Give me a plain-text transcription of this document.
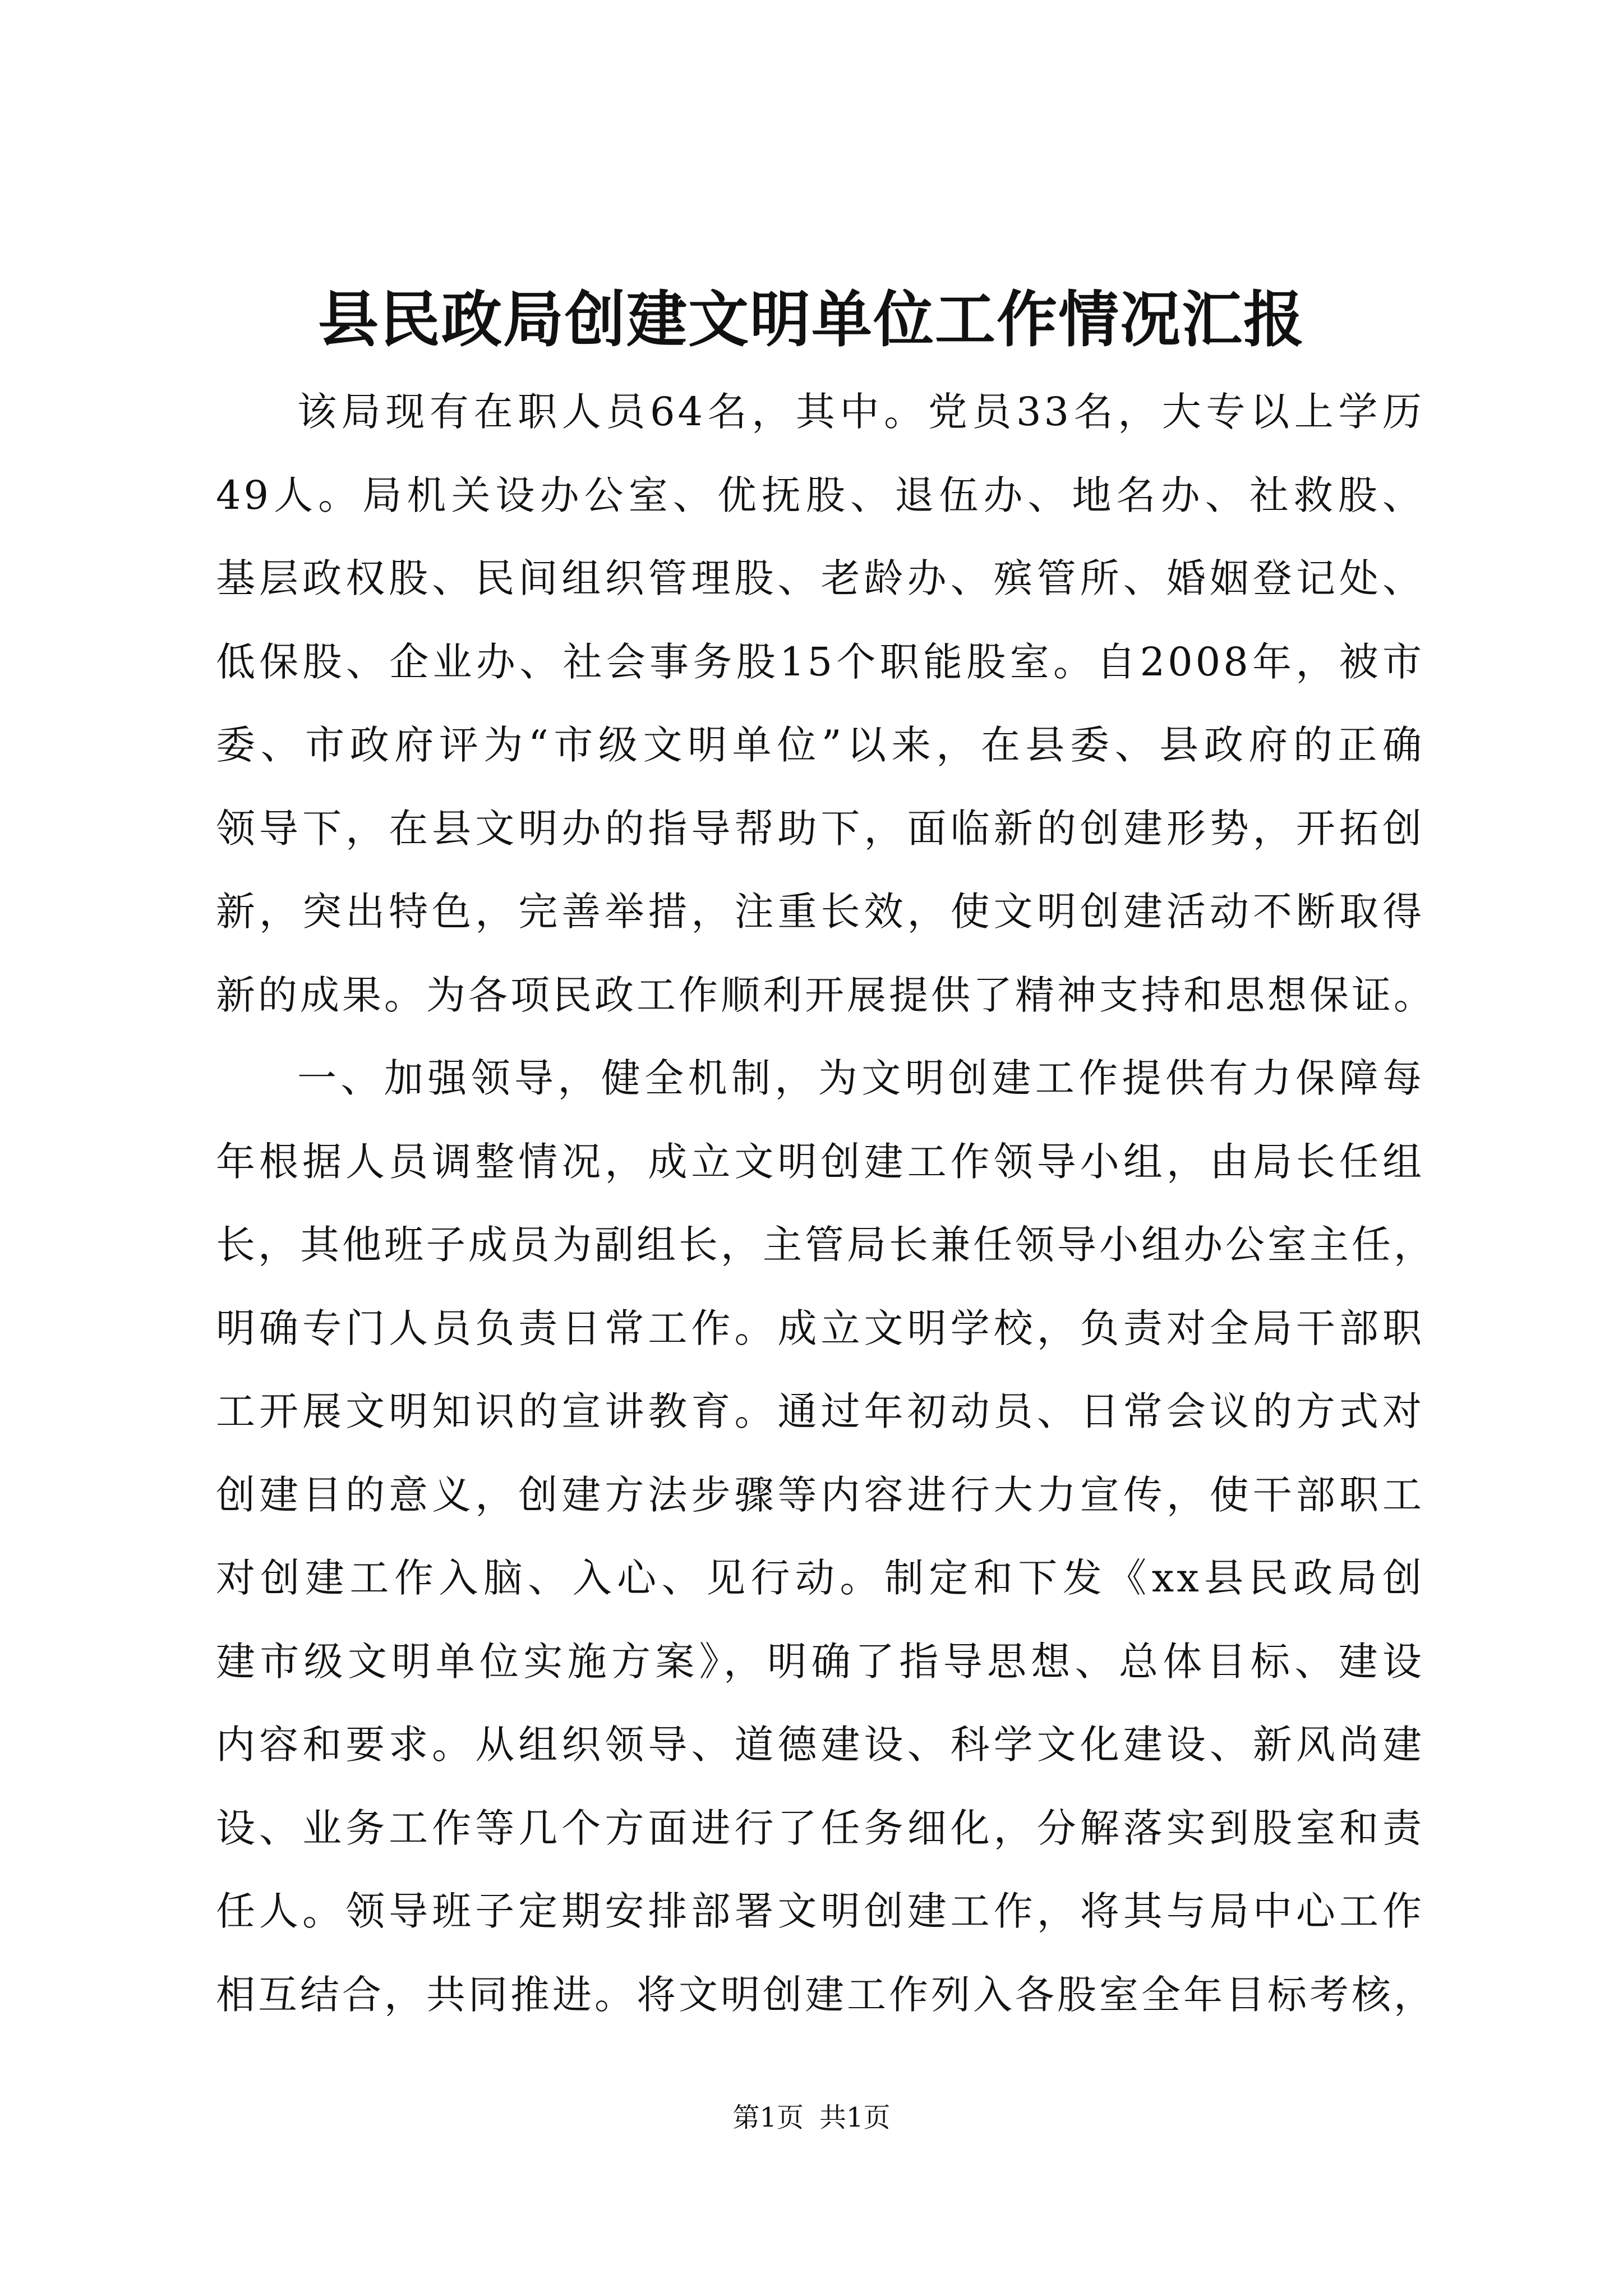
县民政局创建文明单位工作情况汇报
该局现有在职人员64名，其中。党员33名，大专以上学历
49人。局机关设办公室、优抚股、退伍办、地名办、社救股、
基层政权股、民间组织管理股、老龄办、殡管所、婚姻登记处、
低保股、企业办、社会事务股15个职能股室。自2008年，被市
委、市政府评为“市级文明单位”以来，在县委、县政府的正确
领导下，在县文明办的指导帮助下，面临新的创建形势，开拓创
新，突出特色，完善举措，注重长效，使文明创建活动不断取得
新的成果。为各项民政工作顺利开展提供了精神支持和思想保证。
一、加强领导，健全机制，为文明创建工作提供有力保障每
年根据人员调整情况，成立文明创建工作领导小组，由局长任组
长，其他班子成员为副组长，主管局长兼任领导小组办公室主任，
明确专门人员负责日常工作。成立文明学校，负责对全局干部职
工开展文明知识的宣讲教育。通过年初动员、日常会议的方式对
创建目的意义，创建方法步骤等内容进行大力宣传，使干部职工
对创建工作入脑、入心、见行动。制定和下发《xx县民政局创
建市级文明单位实施方案》，明确了指导思想、总体目标、建设
内容和要求。从组织领导、道德建设、科学文化建设、新风尚建
设、业务工作等几个方面进行了任务细化，分解落实到股室和责
任人。领导班子定期安排部署文明创建工作，将其与局中心工作
相互结合，共同推进。将文明创建工作列入各股室全年目标考核，
第1页 共1页
